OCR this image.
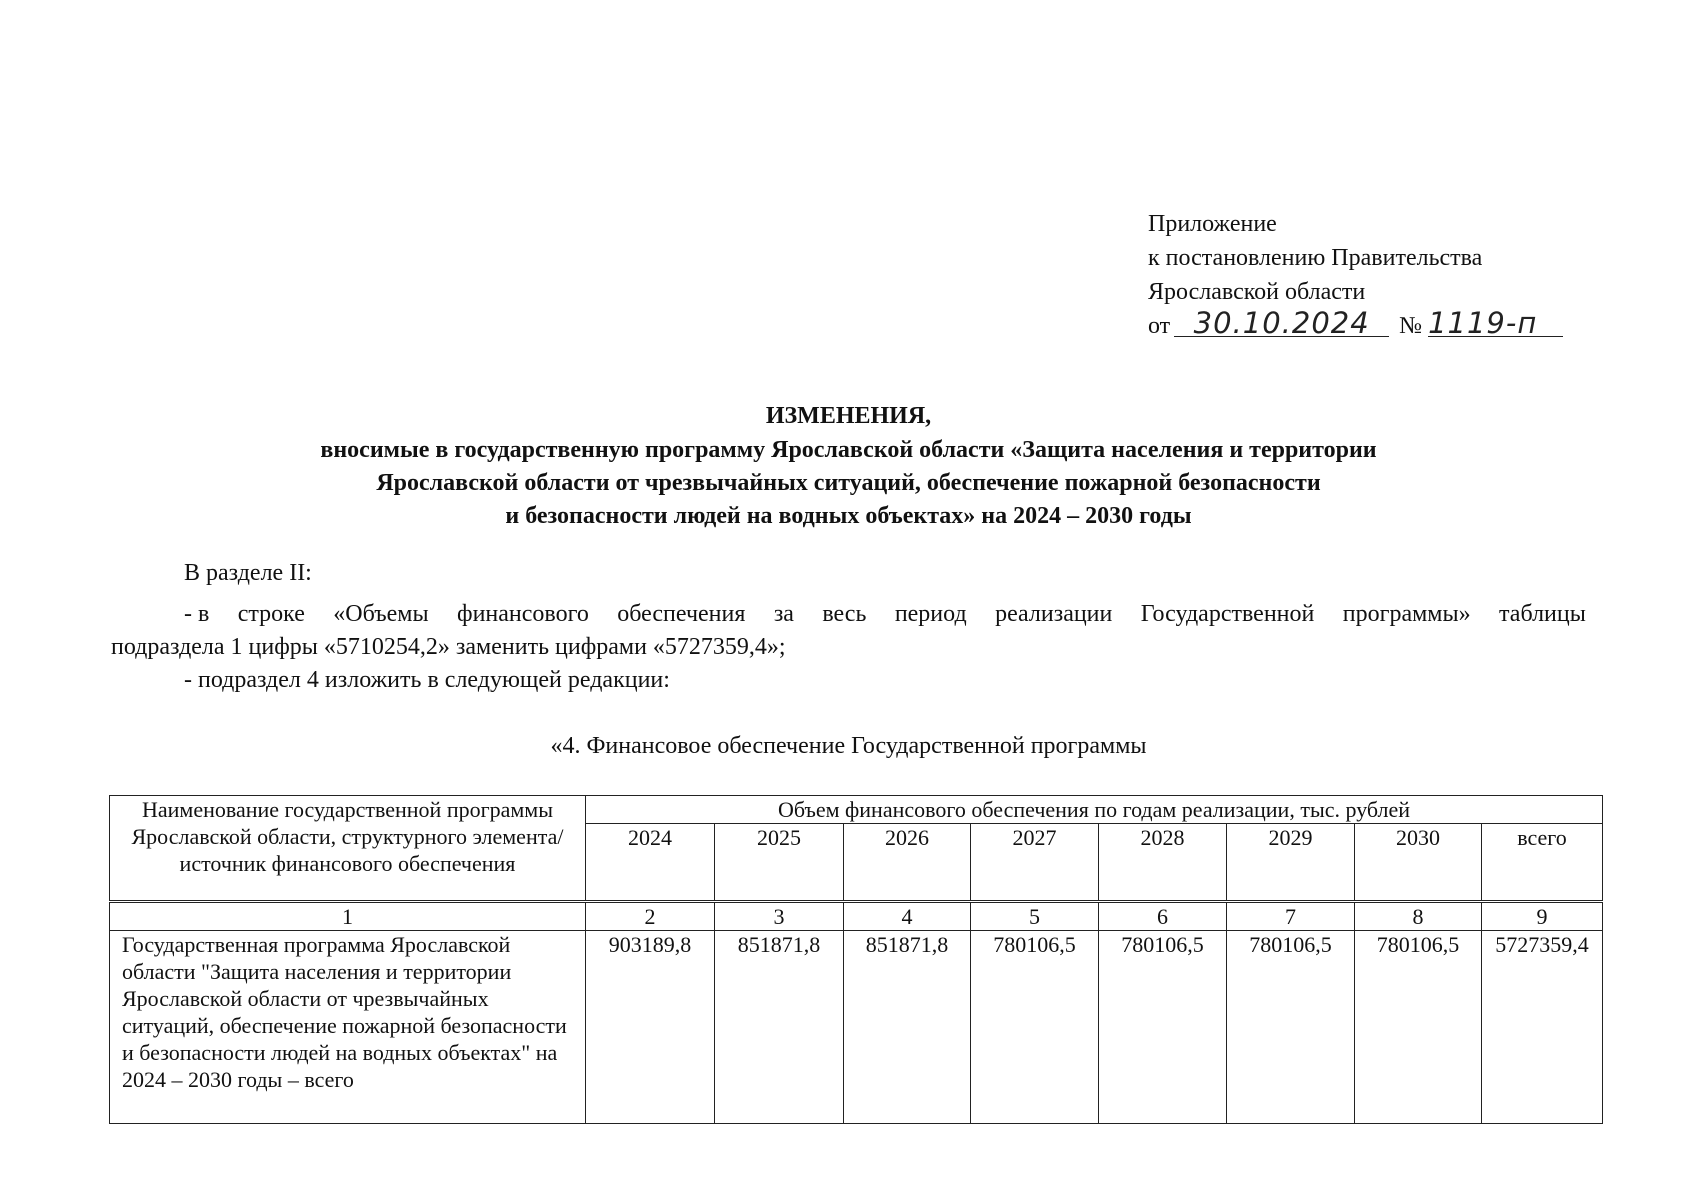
Приложение
к постановлению Правительства
Ярославской области
от 30.10.2024 № 1119-п
ИЗМЕНЕНИЯ,
вносимые в государственную программу Ярославской области «Защита населения и территории
Ярославской области от чрезвычайных ситуаций, обеспечение пожарной безопасности
и безопасности людей на водных объектах» на 2024 – 2030 годы
В разделе II:
- в строке «Объемы финансового обеспечения за весь период реализации Государственной программы» таблицы
подраздела 1 цифры «5710254,2» заменить цифрами «5727359,4»;
- подраздел 4 изложить в следующей редакции:
«4. Финансовое обеспечение Государственной программы
Наименование государственной программы Ярославской области, структурного элемента/ источник финансового обеспечения	Объем финансового обеспечения по годам реализации, тыс. рублей							
	2024	2025	2026	2027	2028	2029	2030	всего
1	2	3	4	5	6	7	8	9
Государственная программа Ярославской области "Защита населения и территории Ярославской области от чрезвычайных ситуаций, обеспечение пожарной безопасности и безопасности людей на водных объектах" на 2024 – 2030 годы – всего	903189,8	851871,8	851871,8	780106,5	780106,5	780106,5	780106,5	5727359,4
